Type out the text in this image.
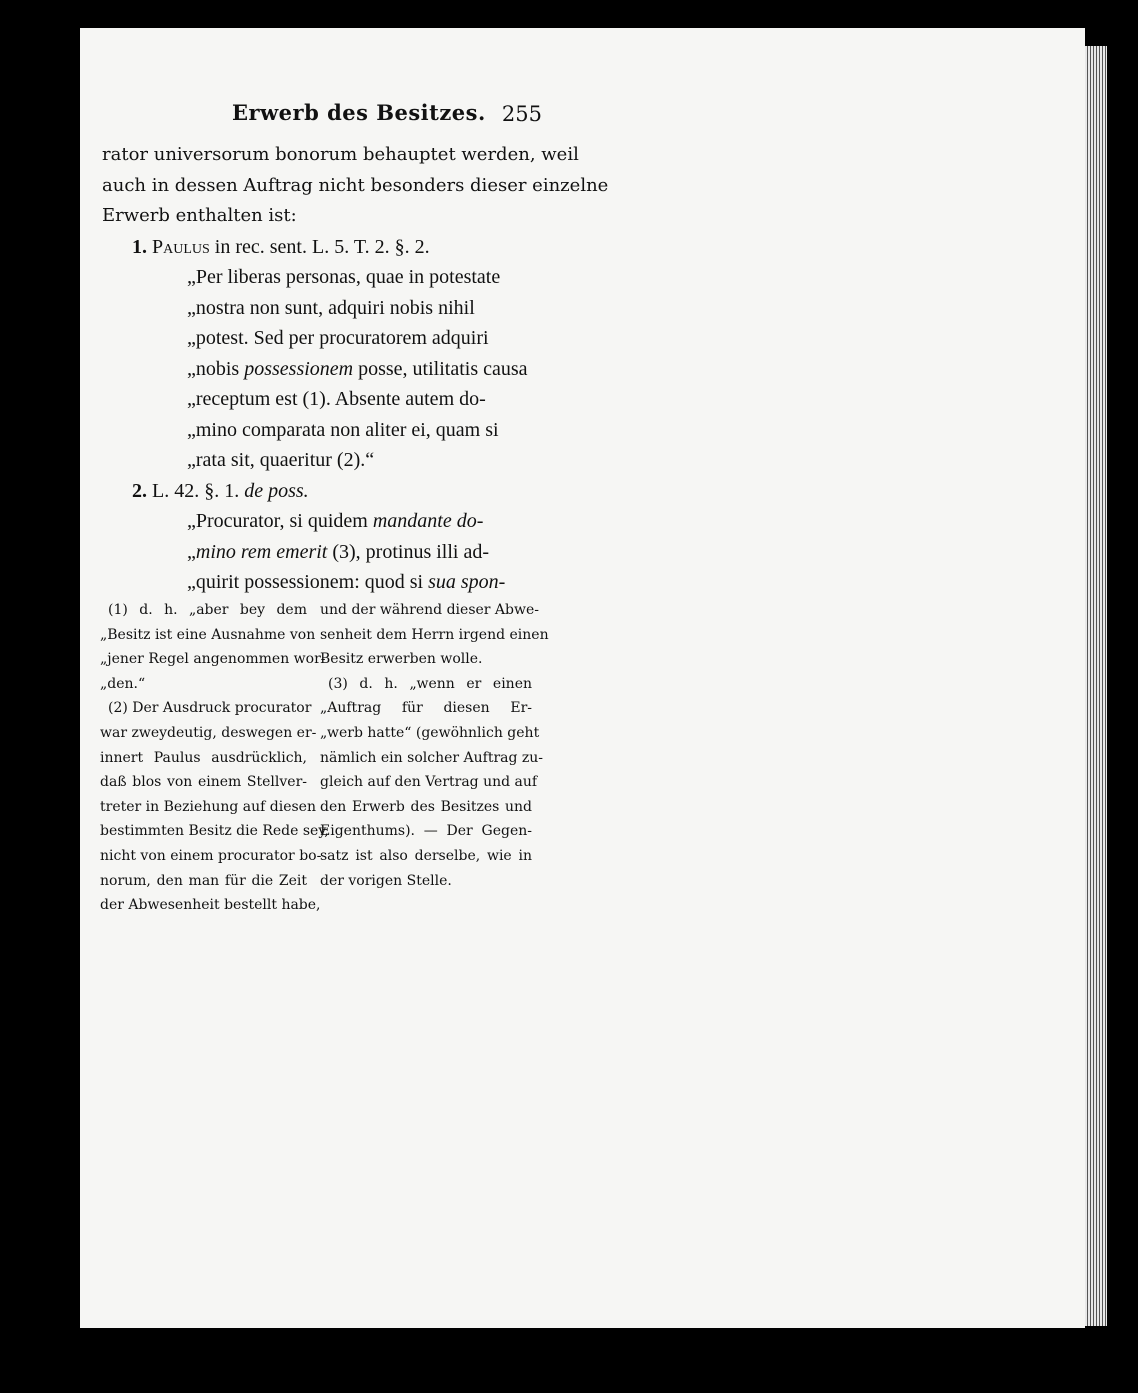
Erwerb des Besitzes. 255
rator universorum bonorum behauptet werden, weil
auch in dessen Auftrag nicht besonders dieser einzelne
Erwerb enthalten ist:
1. Paulus in rec. sent. L. 5. T. 2. §. 2.
„Per liberas personas, quae in potestate
„nostra non sunt, adquiri nobis nihil
„potest. Sed per procuratorem adquiri
„nobis possessionem posse, utilitatis causa
„receptum est (1). Absente autem do-
„mino comparata non aliter ei, quam si
„rata sit, quaeritur (2).“
2. L. 42. §. 1. de poss.
„Procurator, si quidem mandante do-
„mino rem emerit (3), protinus illi ad-
„quirit possessionem: quod si sua spon-
(1) d. h. „aber bey dem
„Besitz ist eine Ausnahme von
„jener Regel angenommen wor-
„den.“
(2) Der Ausdruck procurator
war zweydeutig, deswegen er-
innert Paulus ausdrücklich,
daß blos von einem Stellver-
treter in Beziehung auf diesen
bestimmten Besitz die Rede sey,
nicht von einem procurator bo-
norum, den man für die Zeit
der Abwesenheit bestellt habe,
und der während dieser Abwe-
senheit dem Herrn irgend einen
Besitz erwerben wolle.
(3) d. h. „wenn er einen
„Auftrag für diesen Er-
„werb hatte“ (gewöhnlich geht
nämlich ein solcher Auftrag zu-
gleich auf den Vertrag und auf
den Erwerb des Besitzes und
Eigenthums). — Der Gegen-
satz ist also derselbe, wie in
der vorigen Stelle.
